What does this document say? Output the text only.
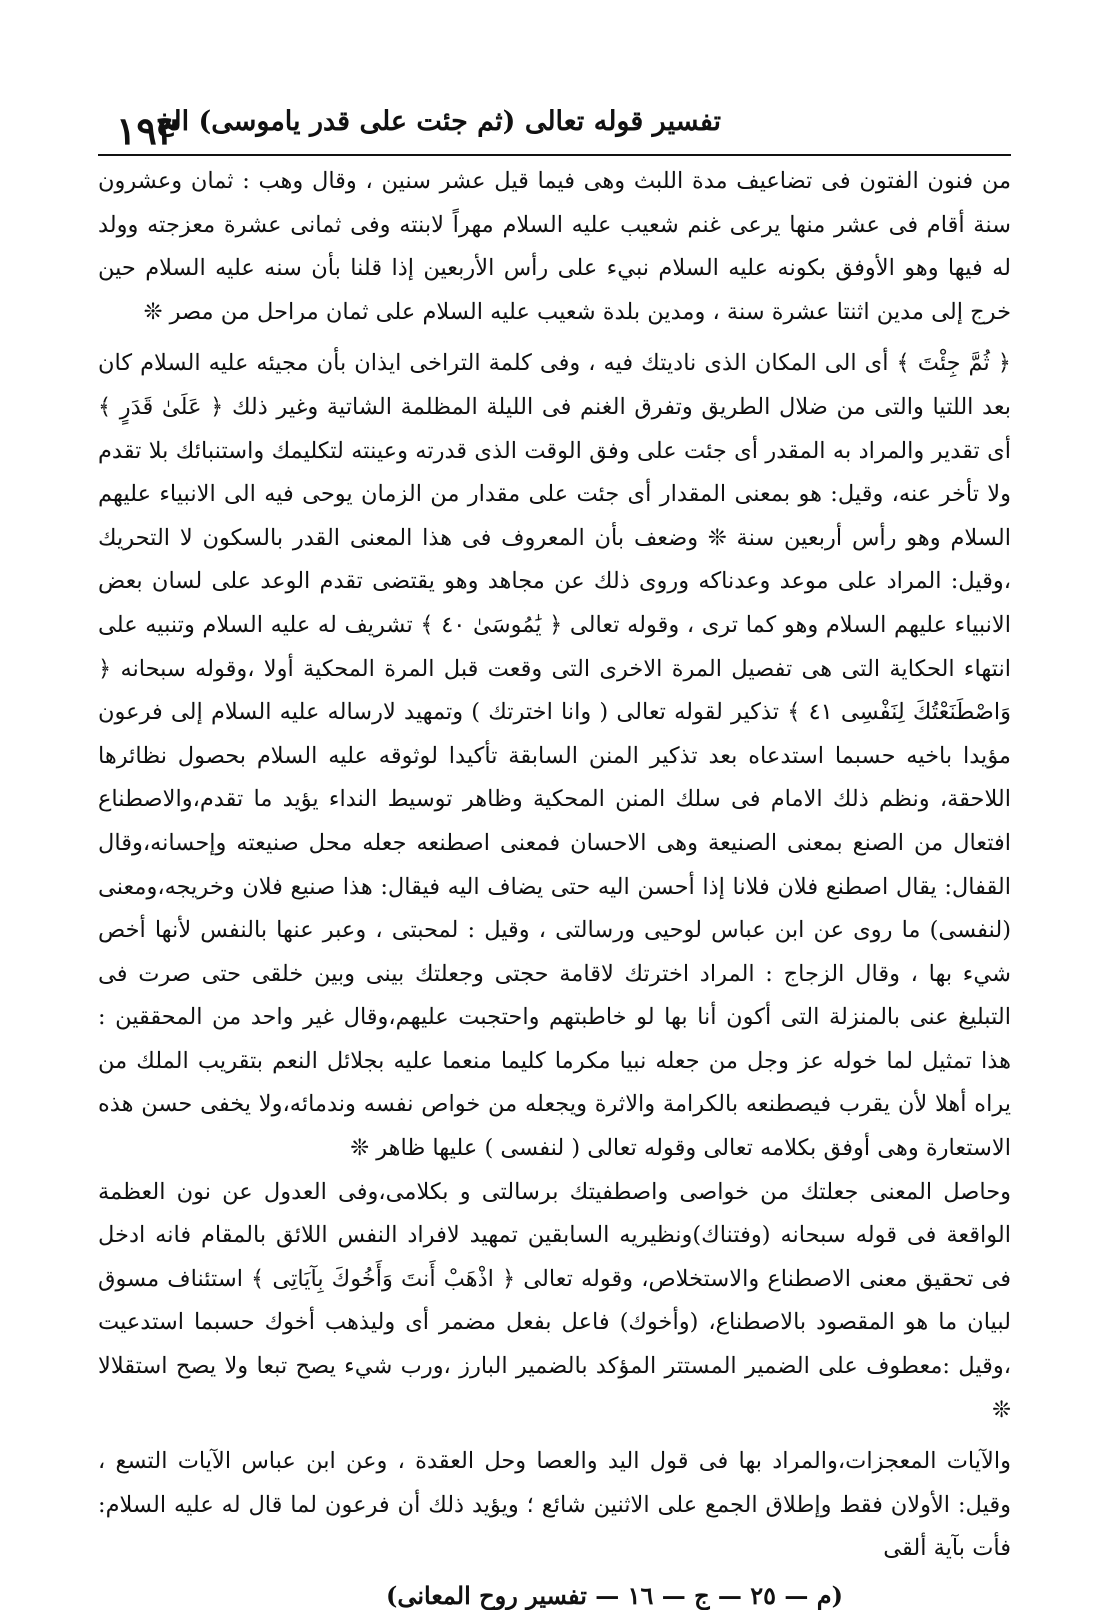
١٩٣
تفسير قوله تعالى (ثم جئت على قدر ياموسى) الخ

من فنون الفتون فى تضاعيف مدة اللبث وهى فيما قيل عشر سنين ، وقال وهب : ثمان وعشرون سنة أقام فى عشر منها يرعى غنم شعيب عليه السلام مهراً لابنته وفى ثمانى عشرة معزجته وولد له فيها وهو الأوفق بكونه عليه السلام نبيء على رأس الأربعين إذا قلنا بأن سنه عليه السلام حين خرج إلى مدين اثنتا عشرة سنة ، ومدين بلدة شعيب عليه السلام على ثمان مراحل من مصر ❊

﴿ ثُمَّ جِئْتَ ﴾ أى الى المكان الذى ناديتك فيه ، وفى كلمة التراخى ايذان بأن مجيئه عليه السلام كان بعد اللتيا والتى من ضلال الطريق وتفرق الغنم فى الليلة المظلمة الشاتية وغير ذلك ﴿ عَلَىٰ قَدَرٍ ﴾ أى تقدير والمراد به المقدر أى جئت على وفق الوقت الذى قدرته وعينته لتكليمك واستنبائك بلا تقدم ولا تأخر عنه، وقيل: هو بمعنى المقدار أى جئت على مقدار من الزمان يوحى فيه الى الانبياء عليهم السلام وهو رأس أربعين سنة ❊ وضعف بأن المعروف فى هذا المعنى القدر بالسكون لا التحريك ،وقيل: المراد على موعد وعدناكه وروى ذلك عن مجاهد وهو يقتضى تقدم الوعد على لسان بعض الانبياء عليهم السلام وهو كما ترى ، وقوله تعالى ﴿ يَٰمُوسَىٰ ٤٠ ﴾ تشريف له عليه السلام وتنبيه على انتهاء الحكاية التى هى تفصيل المرة الاخرى التى وقعت قبل المرة المحكية أولا ،وقوله سبحانه ﴿ وَاصْطَنَعْتُكَ لِنَفْسِى ٤١ ﴾ تذكير لقوله تعالى ( وانا اخترتك ) وتمهيد لارساله عليه السلام إلى فرعون مؤيدا باخيه حسبما استدعاه بعد تذكير المنن السابقة تأكيدا لوثوقه عليه السلام بحصول نظائرها اللاحقة، ونظم ذلك الامام فى سلك المنن المحكية وظاهر توسيط النداء يؤيد ما تقدم،والاصطناع افتعال من الصنع بمعنى الصنيعة وهى الاحسان فمعنى اصطنعه جعله محل صنيعته وإحسانه،وقال القفال: يقال اصطنع فلان فلانا إذا أحسن اليه حتى يضاف اليه فيقال: هذا صنيع فلان وخريجه،ومعنى (لنفسى) ما روى عن ابن عباس لوحيى ورسالتى ، وقيل : لمحبتى ، وعبر عنها بالنفس لأنها أخص شيء بها ، وقال الزجاج : المراد اخترتك لاقامة حجتى وجعلتك بينى وبين خلقى حتى صرت فى التبليغ عنى بالمنزلة التى أكون أنا بها لو خاطبتهم واحتجبت عليهم،وقال غير واحد من المحققين : هذا تمثيل لما خوله عز وجل من جعله نبيا مكرما كليما منعما عليه بجلائل النعم بتقريب الملك من يراه أهلا لأن يقرب فيصطنعه بالكرامة والاثرة ويجعله من خواص نفسه وندمائه،ولا يخفى حسن هذه الاستعارة وهى أوفق بكلامه تعالى وقوله تعالى ( لنفسى ) عليها ظاهر ❊

وحاصل المعنى جعلتك من خواصى واصطفيتك برسالتى و بكلامى،وفى العدول عن نون العظمة الواقعة فى قوله سبحانه (وفتناك)ونظيريه السابقين تمهيد لافراد النفس اللائق بالمقام فانه ادخل فى تحقيق معنى الاصطناع والاستخلاص، وقوله تعالى ﴿ اذْهَبْ أَنتَ وَأَخُوكَ بِآيَاتِى ﴾ استئناف مسوق لبيان ما هو المقصود بالاصطناع، (وأخوك) فاعل بفعل مضمر أى وليذهب أخوك حسبما استدعيت ،وقيل :معطوف على الضمير المستتر المؤكد بالضمير البارز ،ورب شيء يصح تبعا ولا يصح استقلالا ❊

والآيات المعجزات،والمراد بها فى قول اليد والعصا وحل العقدة ، وعن ابن عباس الآيات التسع ، وقيل: الأولان فقط وإطلاق الجمع على الاثنين شائع ؛ ويؤيد ذلك أن فرعون لما قال له عليه السلام: فأت بآية ألقى

(م — ٢٥ — ج — ١٦ — تفسير روح المعانى)
